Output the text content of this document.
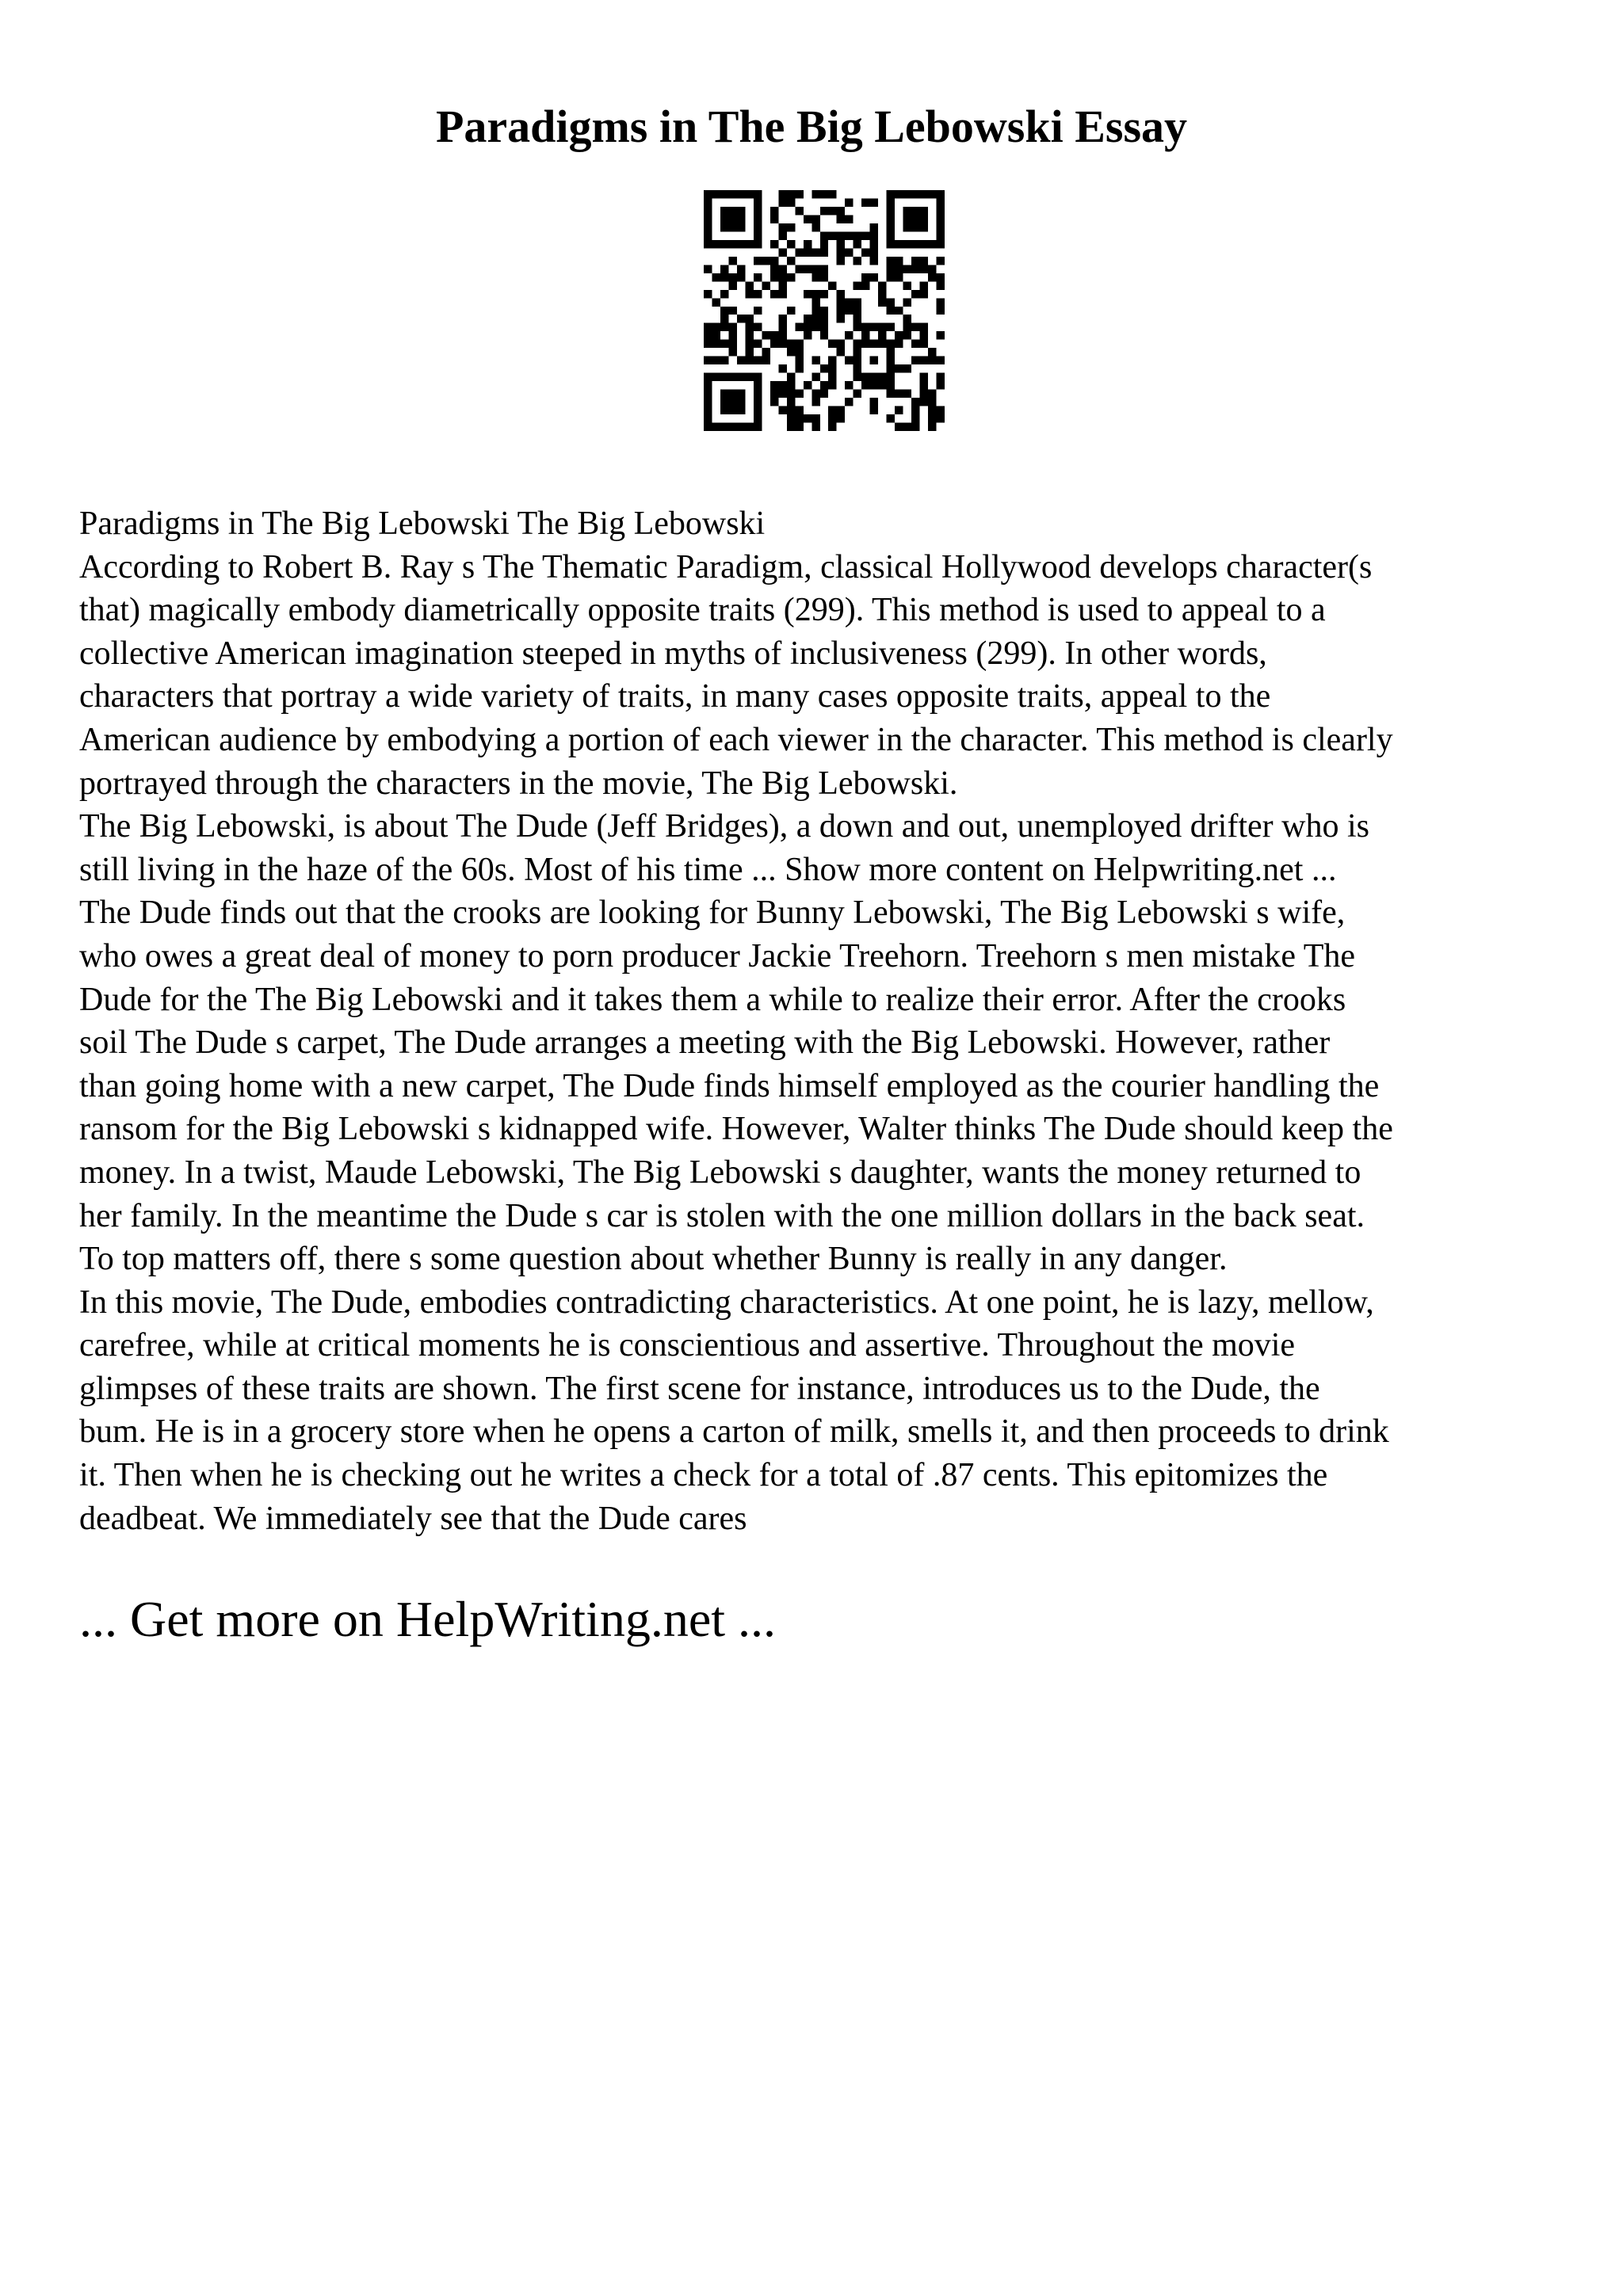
Paradigms in The Big Lebowski Essay

Paradigms in The Big Lebowski The Big Lebowski

According to Robert B. Ray s The Thematic Paradigm, classical Hollywood develops character(s
that) magically embody diametrically opposite traits (299). This method is used to appeal to a
collective American imagination steeped in myths of inclusiveness (299). In other words,
characters that portray a wide variety of traits, in many cases opposite traits, appeal to the
American audience by embodying a portion of each viewer in the character. This method is clearly
portrayed through the characters in the movie, The Big Lebowski.

The Big Lebowski, is about The Dude (Jeff Bridges), a down and out, unemployed drifter who is
still living in the haze of the 60s. Most of his time ... Show more content on Helpwriting.net ...
The Dude finds out that the crooks are looking for Bunny Lebowski, The Big Lebowski s wife,
who owes a great deal of money to porn producer Jackie Treehorn. Treehorn s men mistake The
Dude for the The Big Lebowski and it takes them a while to realize their error. After the crooks
soil The Dude s carpet, The Dude arranges a meeting with the Big Lebowski. However, rather
than going home with a new carpet, The Dude finds himself employed as the courier handling the
ransom for the Big Lebowski s kidnapped wife. However, Walter thinks The Dude should keep the
money. In a twist, Maude Lebowski, The Big Lebowski s daughter, wants the money returned to
her family. In the meantime the Dude s car is stolen with the one million dollars in the back seat.
To top matters off, there s some question about whether Bunny is really in any danger.

In this movie, The Dude, embodies contradicting characteristics. At one point, he is lazy, mellow,
carefree, while at critical moments he is conscientious and assertive. Throughout the movie
glimpses of these traits are shown. The first scene for instance, introduces us to the Dude, the
bum. He is in a grocery store when he opens a carton of milk, smells it, and then proceeds to drink
it. Then when he is checking out he writes a check for a total of .87 cents. This epitomizes the
deadbeat. We immediately see that the Dude cares

... Get more on HelpWriting.net ...
